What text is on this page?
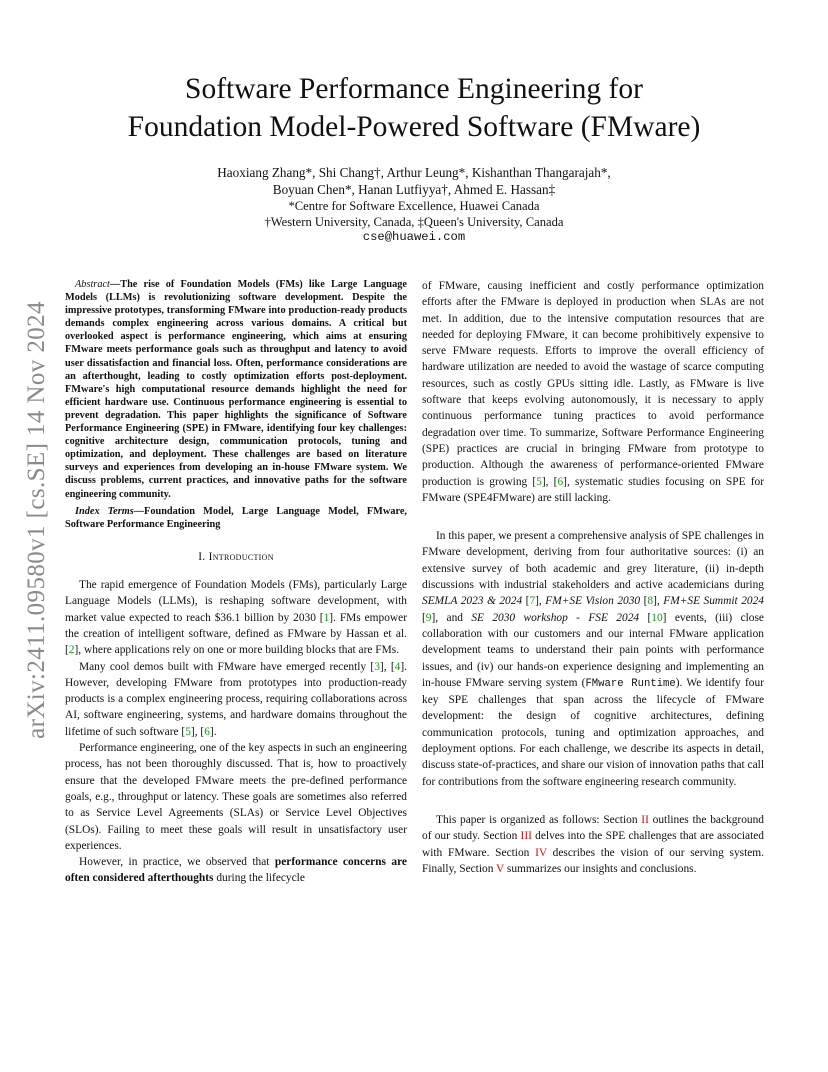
arXiv:2411.09580v1 [cs.SE] 14 Nov 2024
Software Performance Engineering for
Foundation Model-Powered Software (FMware)
Haoxiang Zhang*, Shi Chang†, Arthur Leung*, Kishanthan Thangarajah*,
Boyuan Chen*, Hanan Lutfiyya†, Ahmed E. Hassan‡
*Centre for Software Excellence, Huawei Canada
†Western University, Canada, ‡Queen's University, Canada
cse@huawei.com

Abstract—The rise of Foundation Models (FMs) like Large Language Models (LLMs) is revolutionizing software development. Despite the impressive prototypes, transforming FMware into production-ready products demands complex engineering across various domains. A critical but overlooked aspect is performance engineering, which aims at ensuring FMware meets performance goals such as throughput and latency to avoid user dissatisfaction and financial loss. Often, performance considerations are an afterthought, leading to costly optimization efforts post-deployment. FMware's high computational resource demands highlight the need for efficient hardware use. Continuous performance engineering is essential to prevent degradation. This paper highlights the significance of Software Performance Engineering (SPE) in FMware, identifying four key challenges: cognitive architecture design, communication protocols, tuning and optimization, and deployment. These challenges are based on literature surveys and experiences from developing an in-house FMware system. We discuss problems, current practices, and innovative paths for the software engineering community.

Index Terms—Foundation Model, Large Language Model, FMware, Software Performance Engineering

I. Introduction

The rapid emergence of Foundation Models (FMs), particularly Large Language Models (LLMs), is reshaping software development, with market value expected to reach $36.1 billion by 2030 [1]. FMs empower the creation of intelligent software, defined as FMware by Hassan et al. [2], where applications rely on one or more building blocks that are FMs.

Many cool demos built with FMware have emerged recently [3], [4]. However, developing FMware from prototypes into production-ready products is a complex engineering process, requiring collaborations across AI, software engineering, systems, and hardware domains throughout the lifetime of such software [5], [6].

Performance engineering, one of the key aspects in such an engineering process, has not been thoroughly discussed. That is, how to proactively ensure that the developed FMware meets the pre-defined performance goals, e.g., throughput or latency. These goals are sometimes also referred to as Service Level Agreements (SLAs) or Service Level Objectives (SLOs). Failing to meet these goals will result in unsatisfactory user experiences.

However, in practice, we observed that performance concerns are often considered afterthoughts during the lifecycle

of FMware, causing inefficient and costly performance optimization efforts after the FMware is deployed in production when SLAs are not met. In addition, due to the intensive computation resources that are needed for deploying FMware, it can become prohibitively expensive to serve FMware requests. Efforts to improve the overall efficiency of hardware utilization are needed to avoid the wastage of scarce computing resources, such as costly GPUs sitting idle. Lastly, as FMware is live software that keeps evolving autonomously, it is necessary to apply continuous performance tuning practices to avoid performance degradation over time. To summarize, Software Performance Engineering (SPE) practices are crucial in bringing FMware from prototype to production. Although the awareness of performance-oriented FMware production is growing [5], [6], systematic studies focusing on SPE for FMware (SPE4FMware) are still lacking.

In this paper, we present a comprehensive analysis of SPE challenges in FMware development, deriving from four authoritative sources: (i) an extensive survey of both academic and grey literature, (ii) in-depth discussions with industrial stakeholders and active academicians during SEMLA 2023 & 2024 [7], FM+SE Vision 2030 [8], FM+SE Summit 2024 [9], and SE 2030 workshop - FSE 2024 [10] events, (iii) close collaboration with our customers and our internal FMware application development teams to understand their pain points with performance issues, and (iv) our hands-on experience designing and implementing an in-house FMware serving system (FMware Runtime). We identify four key SPE challenges that span across the lifecycle of FMware development: the design of cognitive architectures, defining communication protocols, tuning and optimization approaches, and deployment options. For each challenge, we describe its aspects in detail, discuss state-of-practices, and share our vision of innovation paths that call for contributions from the software engineering research community.

This paper is organized as follows: Section II outlines the background of our study. Section III delves into the SPE challenges that are associated with FMware. Section IV describes the vision of our serving system. Finally, Section V summarizes our insights and conclusions.
